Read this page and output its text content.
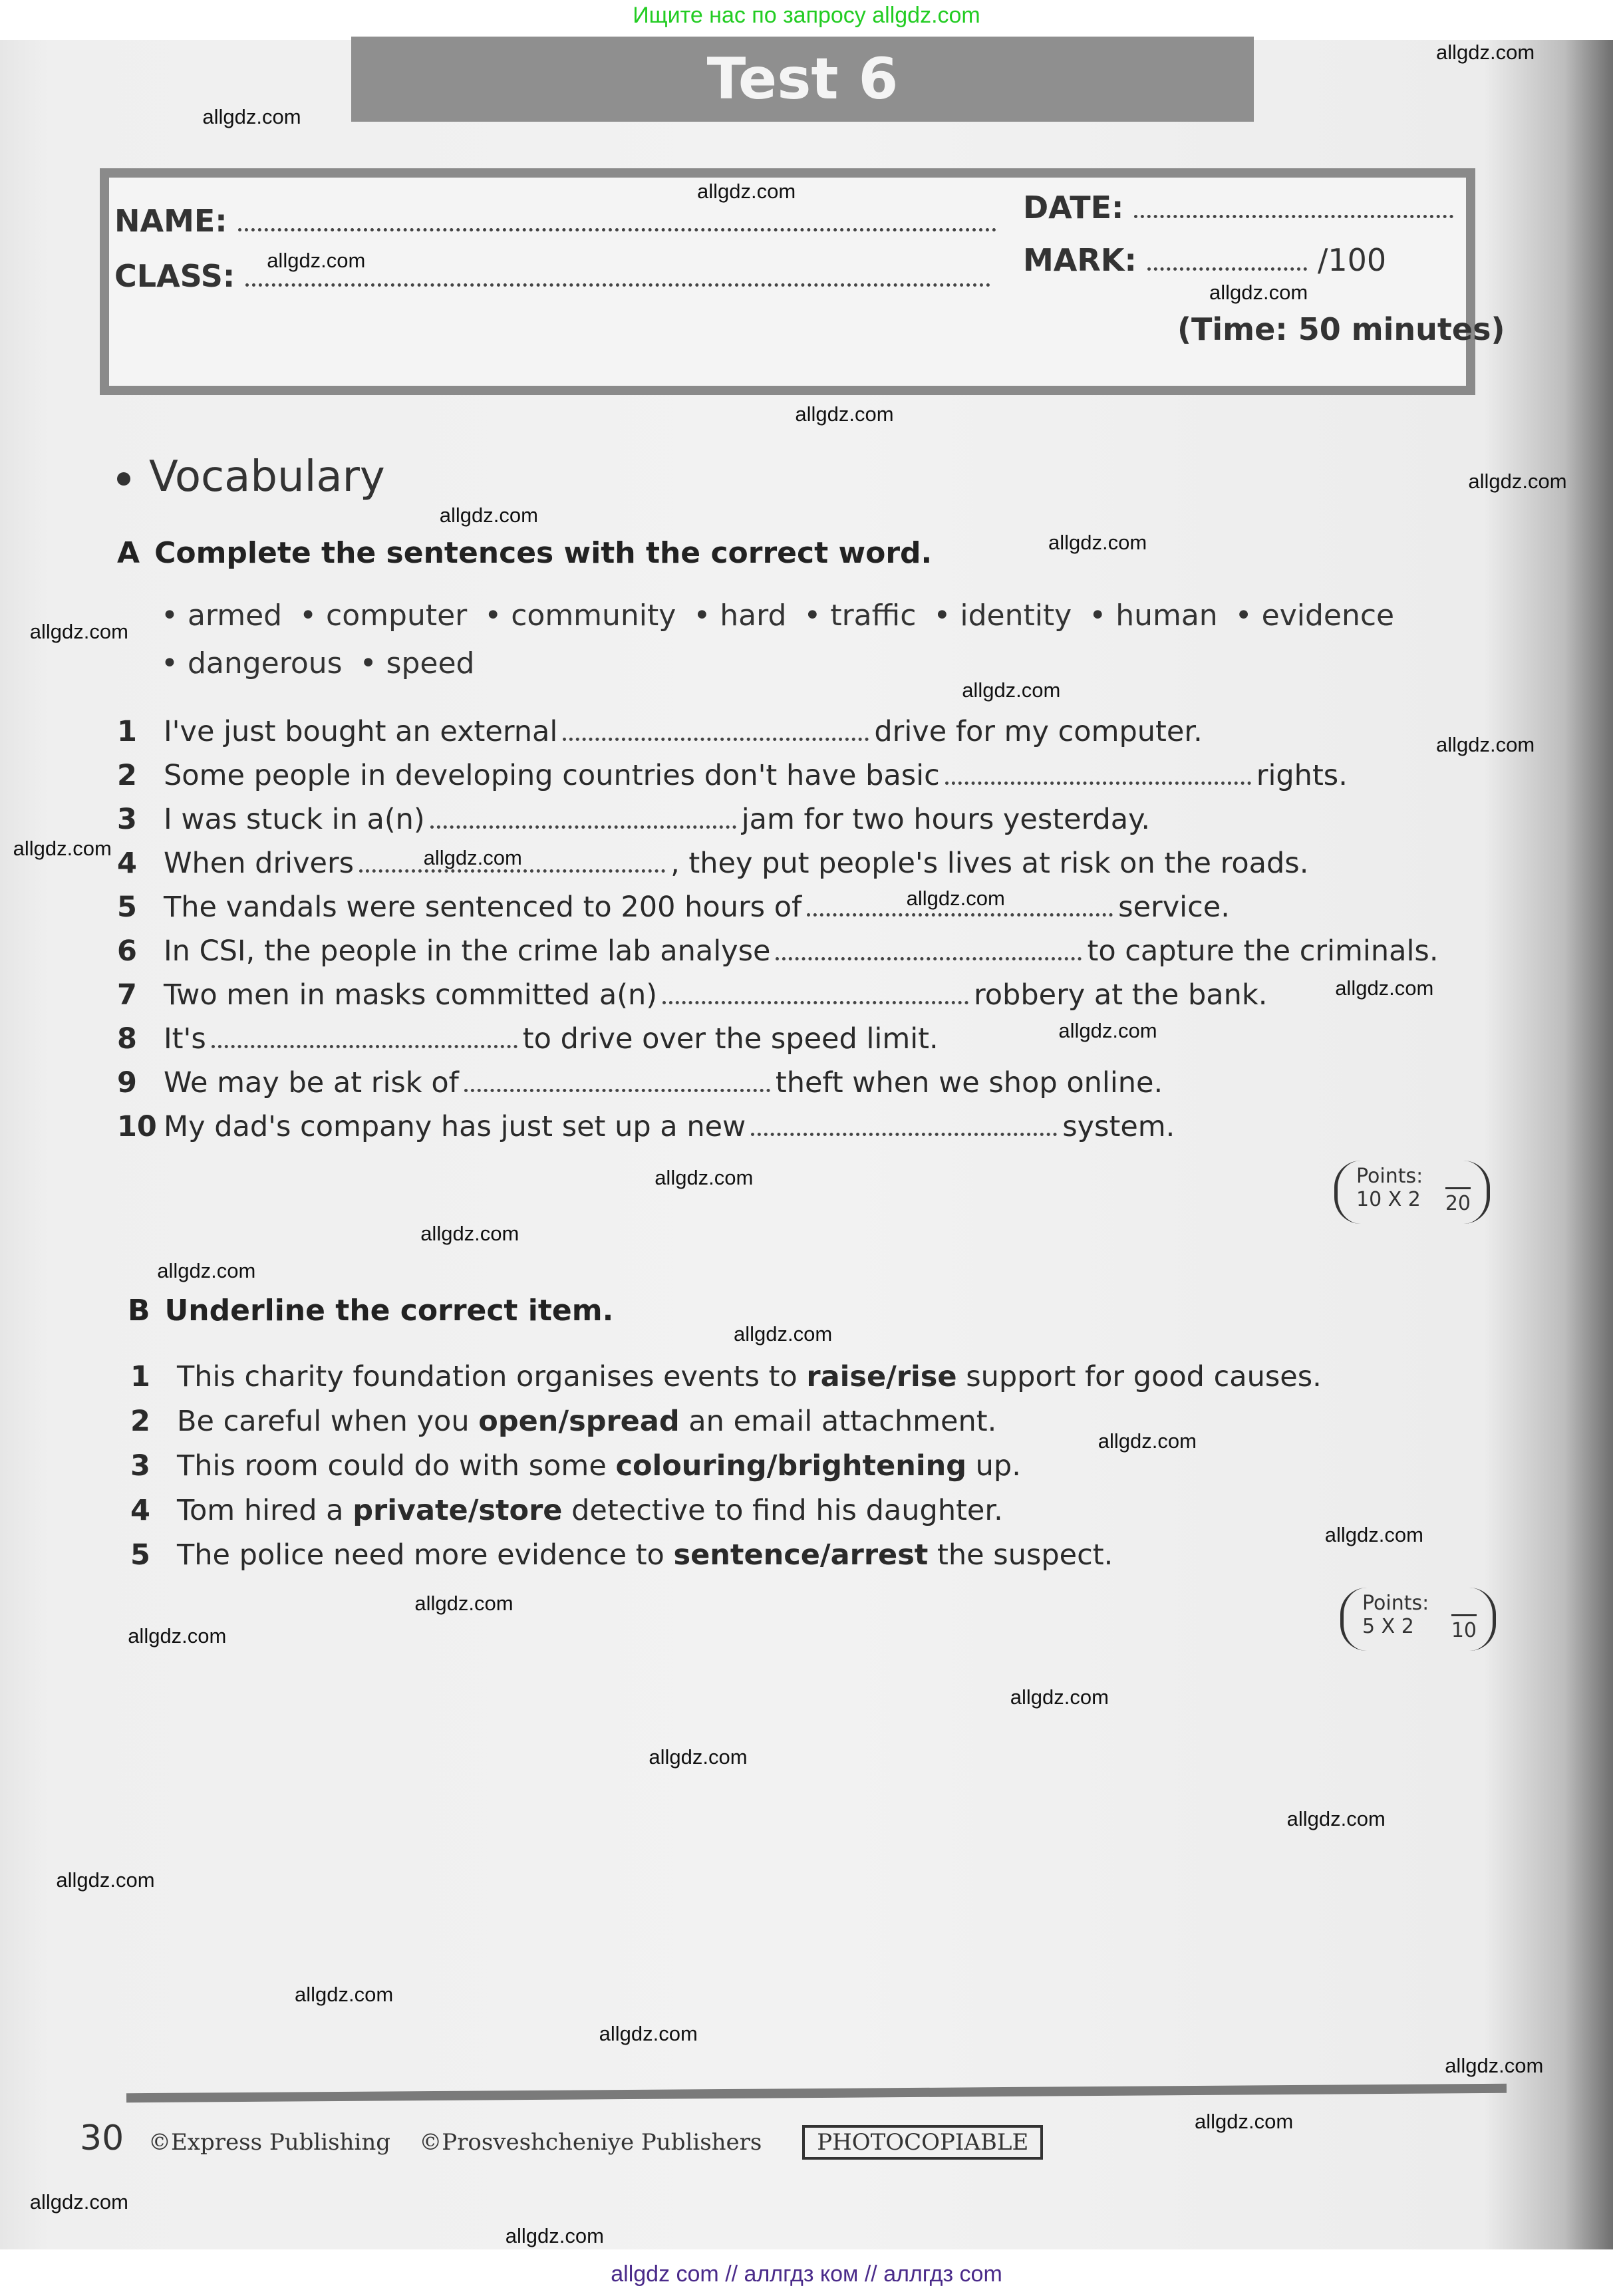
Ищите нас по запросу allgdz.com
Test 6
NAME:
CLASS:
DATE:
MARK:	/100
(Time: 50 minutes)
Vocabulary
A Complete the sentences with the correct word.
• armed • computer • community • hard • traffic • identity • human • evidence
• dangerous • speed
1 I've just bought an external	drive for my computer.
2 Some people in developing countries don't have basic	rights.
3 I was stuck in a(n)	jam for two hours yesterday.
4 When drivers	, they put people's lives at risk on the roads.
5 The vandals were sentenced to 200 hours of	service.
6 In CSI, the people in the crime lab analyse	to capture the criminals.
7 Two men in masks committed a(n)	robbery at the bank.
8 It's	to drive over the speed limit.
9 We may be at risk of	theft when we shop online.
10 My dad's company has just set up a new	system.
Points:
10 X 2	20
B Underline the correct item.
1 This charity foundation organises events to raise/rise support for good causes.
2 Be careful when you open/spread an email attachment.
3 This room could do with some colouring/brightening up.
4 Tom hired a private/store detective to find his daughter.
5 The police need more evidence to sentence/arrest the suspect.
Points:
5 X 2	10
30 ©Express Publishing ©Prosveshcheniye Publishers PHOTOCOPIABLE
allgdz.com
allgdz.com
allgdz.com
allgdz.com
allgdz.com
allgdz.com
allgdz.com
allgdz.com
allgdz.com
allgdz.com
allgdz.com
allgdz.com
allgdz.com
allgdz.com
allgdz.com
allgdz.com
allgdz.com
allgdz.com
allgdz.com
allgdz.com
allgdz.com
allgdz.com
allgdz.com
allgdz.com
allgdz.com
allgdz.com
allgdz.com
allgdz.com
allgdz.com
allgdz.com
allgdz.com
allgdz.com
allgdz.com
allgdz.com
allgdz.com
allgdz com // аллгдз ком // аллгдз com
